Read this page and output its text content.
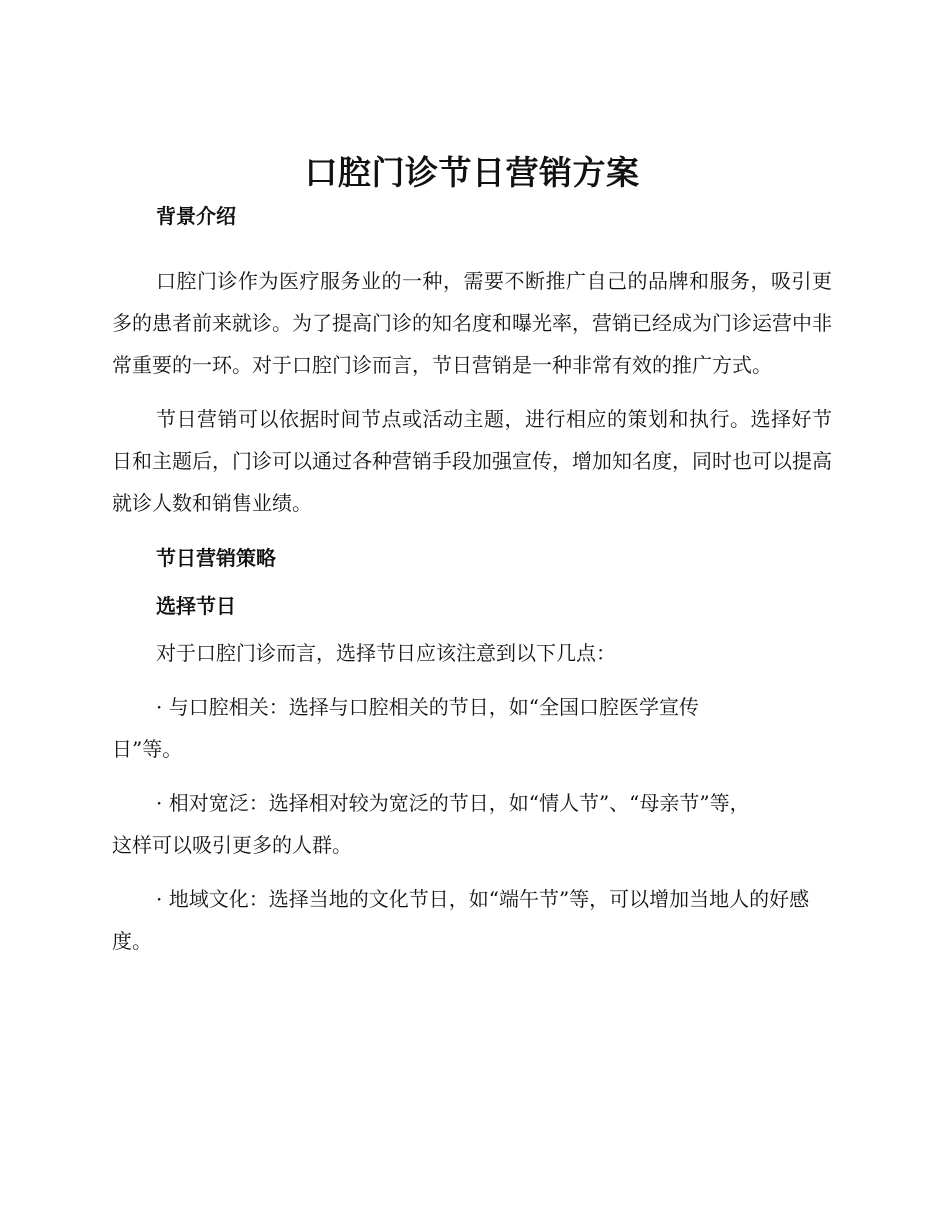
口腔门诊节日营销方案
背景介绍

口腔门诊作为医疗服务业的一种，需要不断推广自己的品牌和服务，吸引更多的患者前来就诊。为了提高门诊的知名度和曝光率，营销已经成为门诊运营中非常重要的一环。对于口腔门诊而言，节日营销是一种非常有效的推广方式。

节日营销可以依据时间节点或活动主题，进行相应的策划和执行。选择好节日和主题后，门诊可以通过各种营销手段加强宣传，增加知名度，同时也可以提高就诊人数和销售业绩。

节日营销策略
选择节日

对于口腔门诊而言，选择节日应该注意到以下几点：

· 与口腔相关：选择与口腔相关的节日，如“全国口腔医学宣传日”等。

· 相对宽泛：选择相对较为宽泛的节日，如“情人节”、“母亲节”等，这样可以吸引更多的人群。

· 地域文化：选择当地的文化节日，如“端午节”等，可以增加当地人的好感度。
